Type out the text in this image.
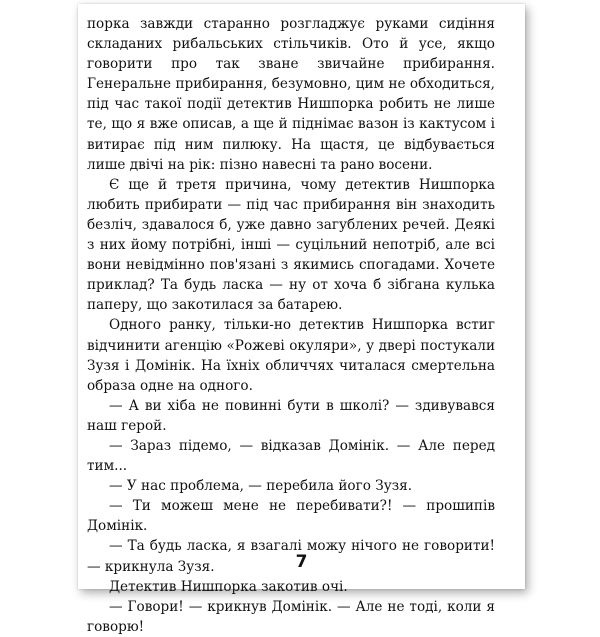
порка завжди старанно розгладжує руками сидіння складаних рибальських стільчиків. Ото й усе, якщо говорити про так зване звичайне прибирання. Генеральне прибирання, безумовно, цим не обходиться, під час такої події детектив Нишпорка робить не лише те, що я вже описав, а ще й піднімає вазон із кактусом і витирає під ним пилюку. На щастя, це відбувається лише двічі на рік: пізно навесні та рано восени.

Є ще й третя причина, чому детектив Нишпорка любить прибирати — під час прибирання він знаходить безліч, здавалося б, уже давно загублених речей. Деякі з них йому потрібні, інші — суцільний непотріб, але всі вони невідмінно пов'язані з якимись спогадами. Хочете приклад? Та будь ласка — ну от хоча б зібгана кулька паперу, що закотилася за батарею.

Одного ранку, тільки-но детектив Нишпорка встиг відчинити агенцію «Рожеві окуляри», у двері постукали Зузя і Домінік. На їхніх обличчях читалася смертельна образа одне на одного.

— А ви хіба не повинні бути в школі? — здивувався наш герой.

— Зараз підемо, — відказав Домінік. — Але перед тим...

— У нас проблема, — перебила його Зузя.

— Ти можеш мене не перебивати?! — прошипів Домінік.

— Та будь ласка, я взагалі можу нічого не говорити! — крикнула Зузя.

Детектив Нишпорка закотив очі.

— Говори! — крикнув Домінік. — Але не тоді, коли я говорю!

7
